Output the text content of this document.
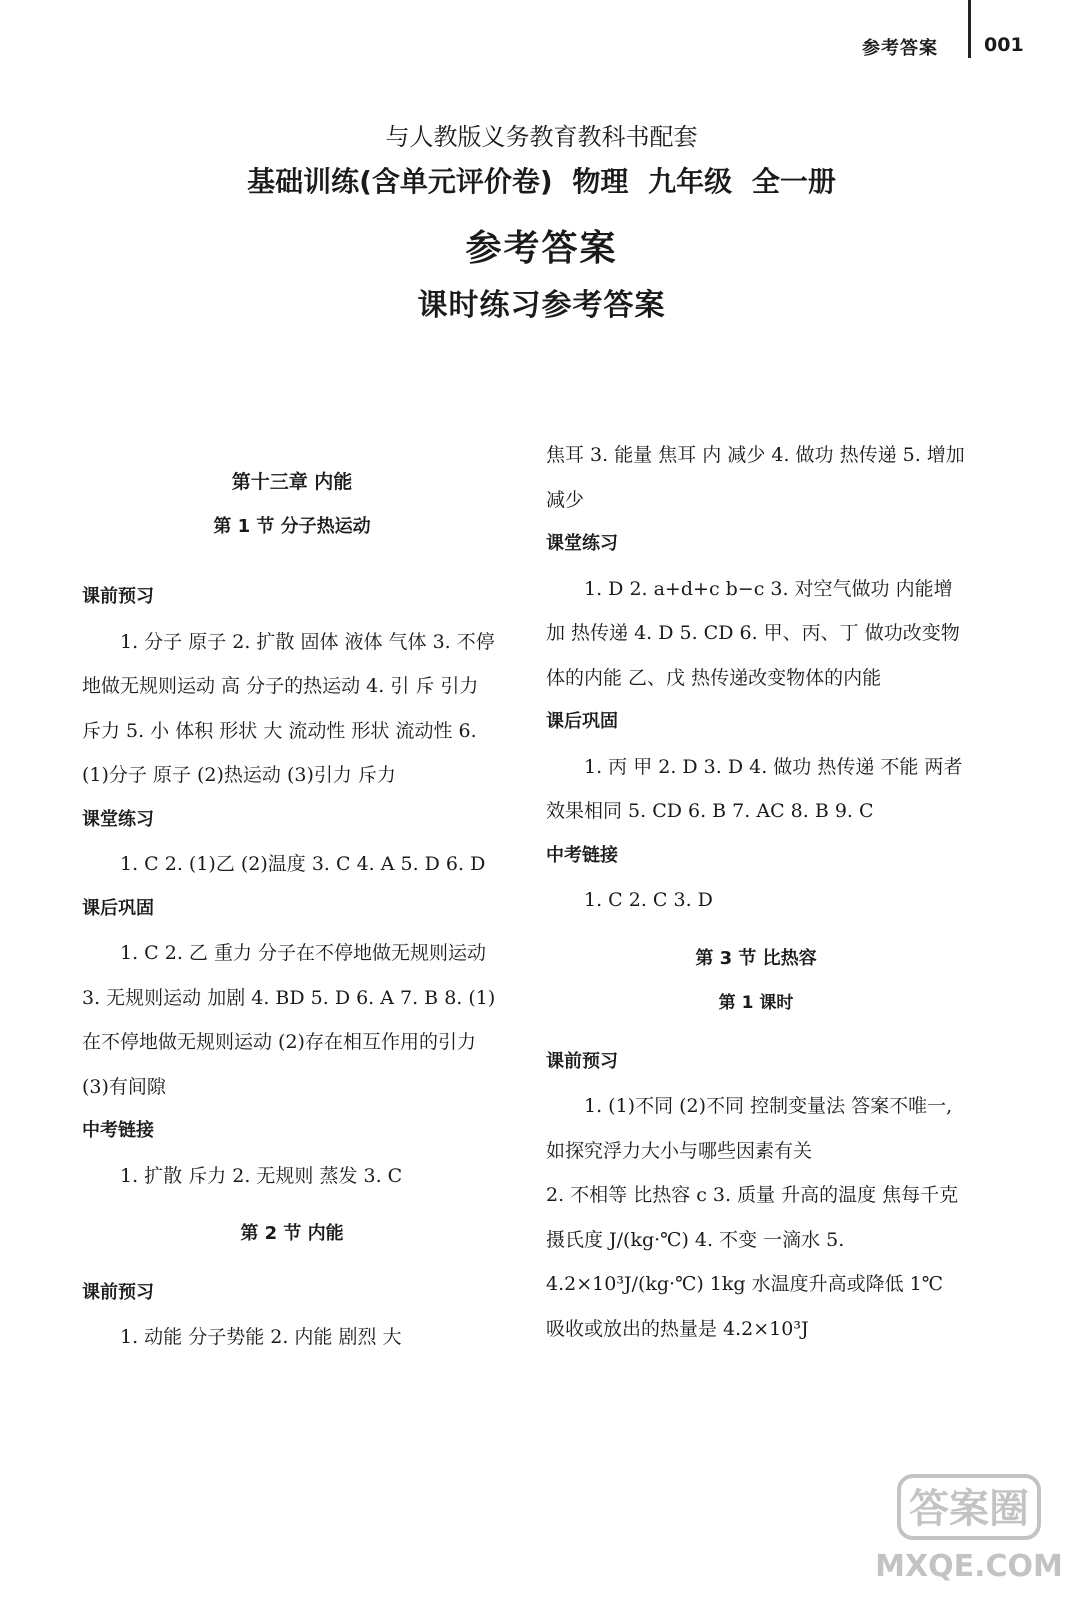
参考答案 001
与人教版义务教育教科书配套
基础训练(含单元评价卷) 物理 九年级 全一册
参考答案
课时练习参考答案
第十三章 内能
第 1 节 分子热运动
课前预习
1. 分子 原子 2. 扩散 固体 液体 气体 3. 不停地做无规则运动 高 分子的热运动 4. 引 斥 引力 斥力 5. 小 体积 形状 大 流动性 形状 流动性 6. (1)分子 原子 (2)热运动 (3)引力 斥力
课堂练习
1. C 2. (1)乙 (2)温度 3. C 4. A 5. D 6. D
课后巩固
1. C 2. 乙 重力 分子在不停地做无规则运动 3. 无规则运动 加剧 4. BD 5. D 6. A 7. B 8. (1)在不停地做无规则运动 (2)存在相互作用的引力 (3)有间隙
中考链接
1. 扩散 斥力 2. 无规则 蒸发 3. C
第 2 节 内能
课前预习
1. 动能 分子势能 2. 内能 剧烈 大
焦耳 3. 能量 焦耳 内 减少 4. 做功 热传递 5. 增加 减少
课堂练习
1. D 2. a+d+c b−c 3. 对空气做功 内能增加 热传递 4. D 5. CD 6. 甲、丙、丁 做功改变物体的内能 乙、戊 热传递改变物体的内能
课后巩固
1. 丙 甲 2. D 3. D 4. 做功 热传递 不能 两者效果相同 5. CD 6. B 7. AC 8. B 9. C
中考链接
1. C 2. C 3. D
第 3 节 比热容
第 1 课时
课前预习
1. (1)不同 (2)不同 控制变量法 答案不唯一,如探究浮力大小与哪些因素有关
2. 不相等 比热容 c 3. 质量 升高的温度 焦每千克摄氏度 J/(kg·℃) 4. 不变 一滴水 5. 4.2×10³J/(kg·℃) 1kg 水温度升高或降低 1℃ 吸收或放出的热量是 4.2×10³J
答案圈
MXQE.COM
